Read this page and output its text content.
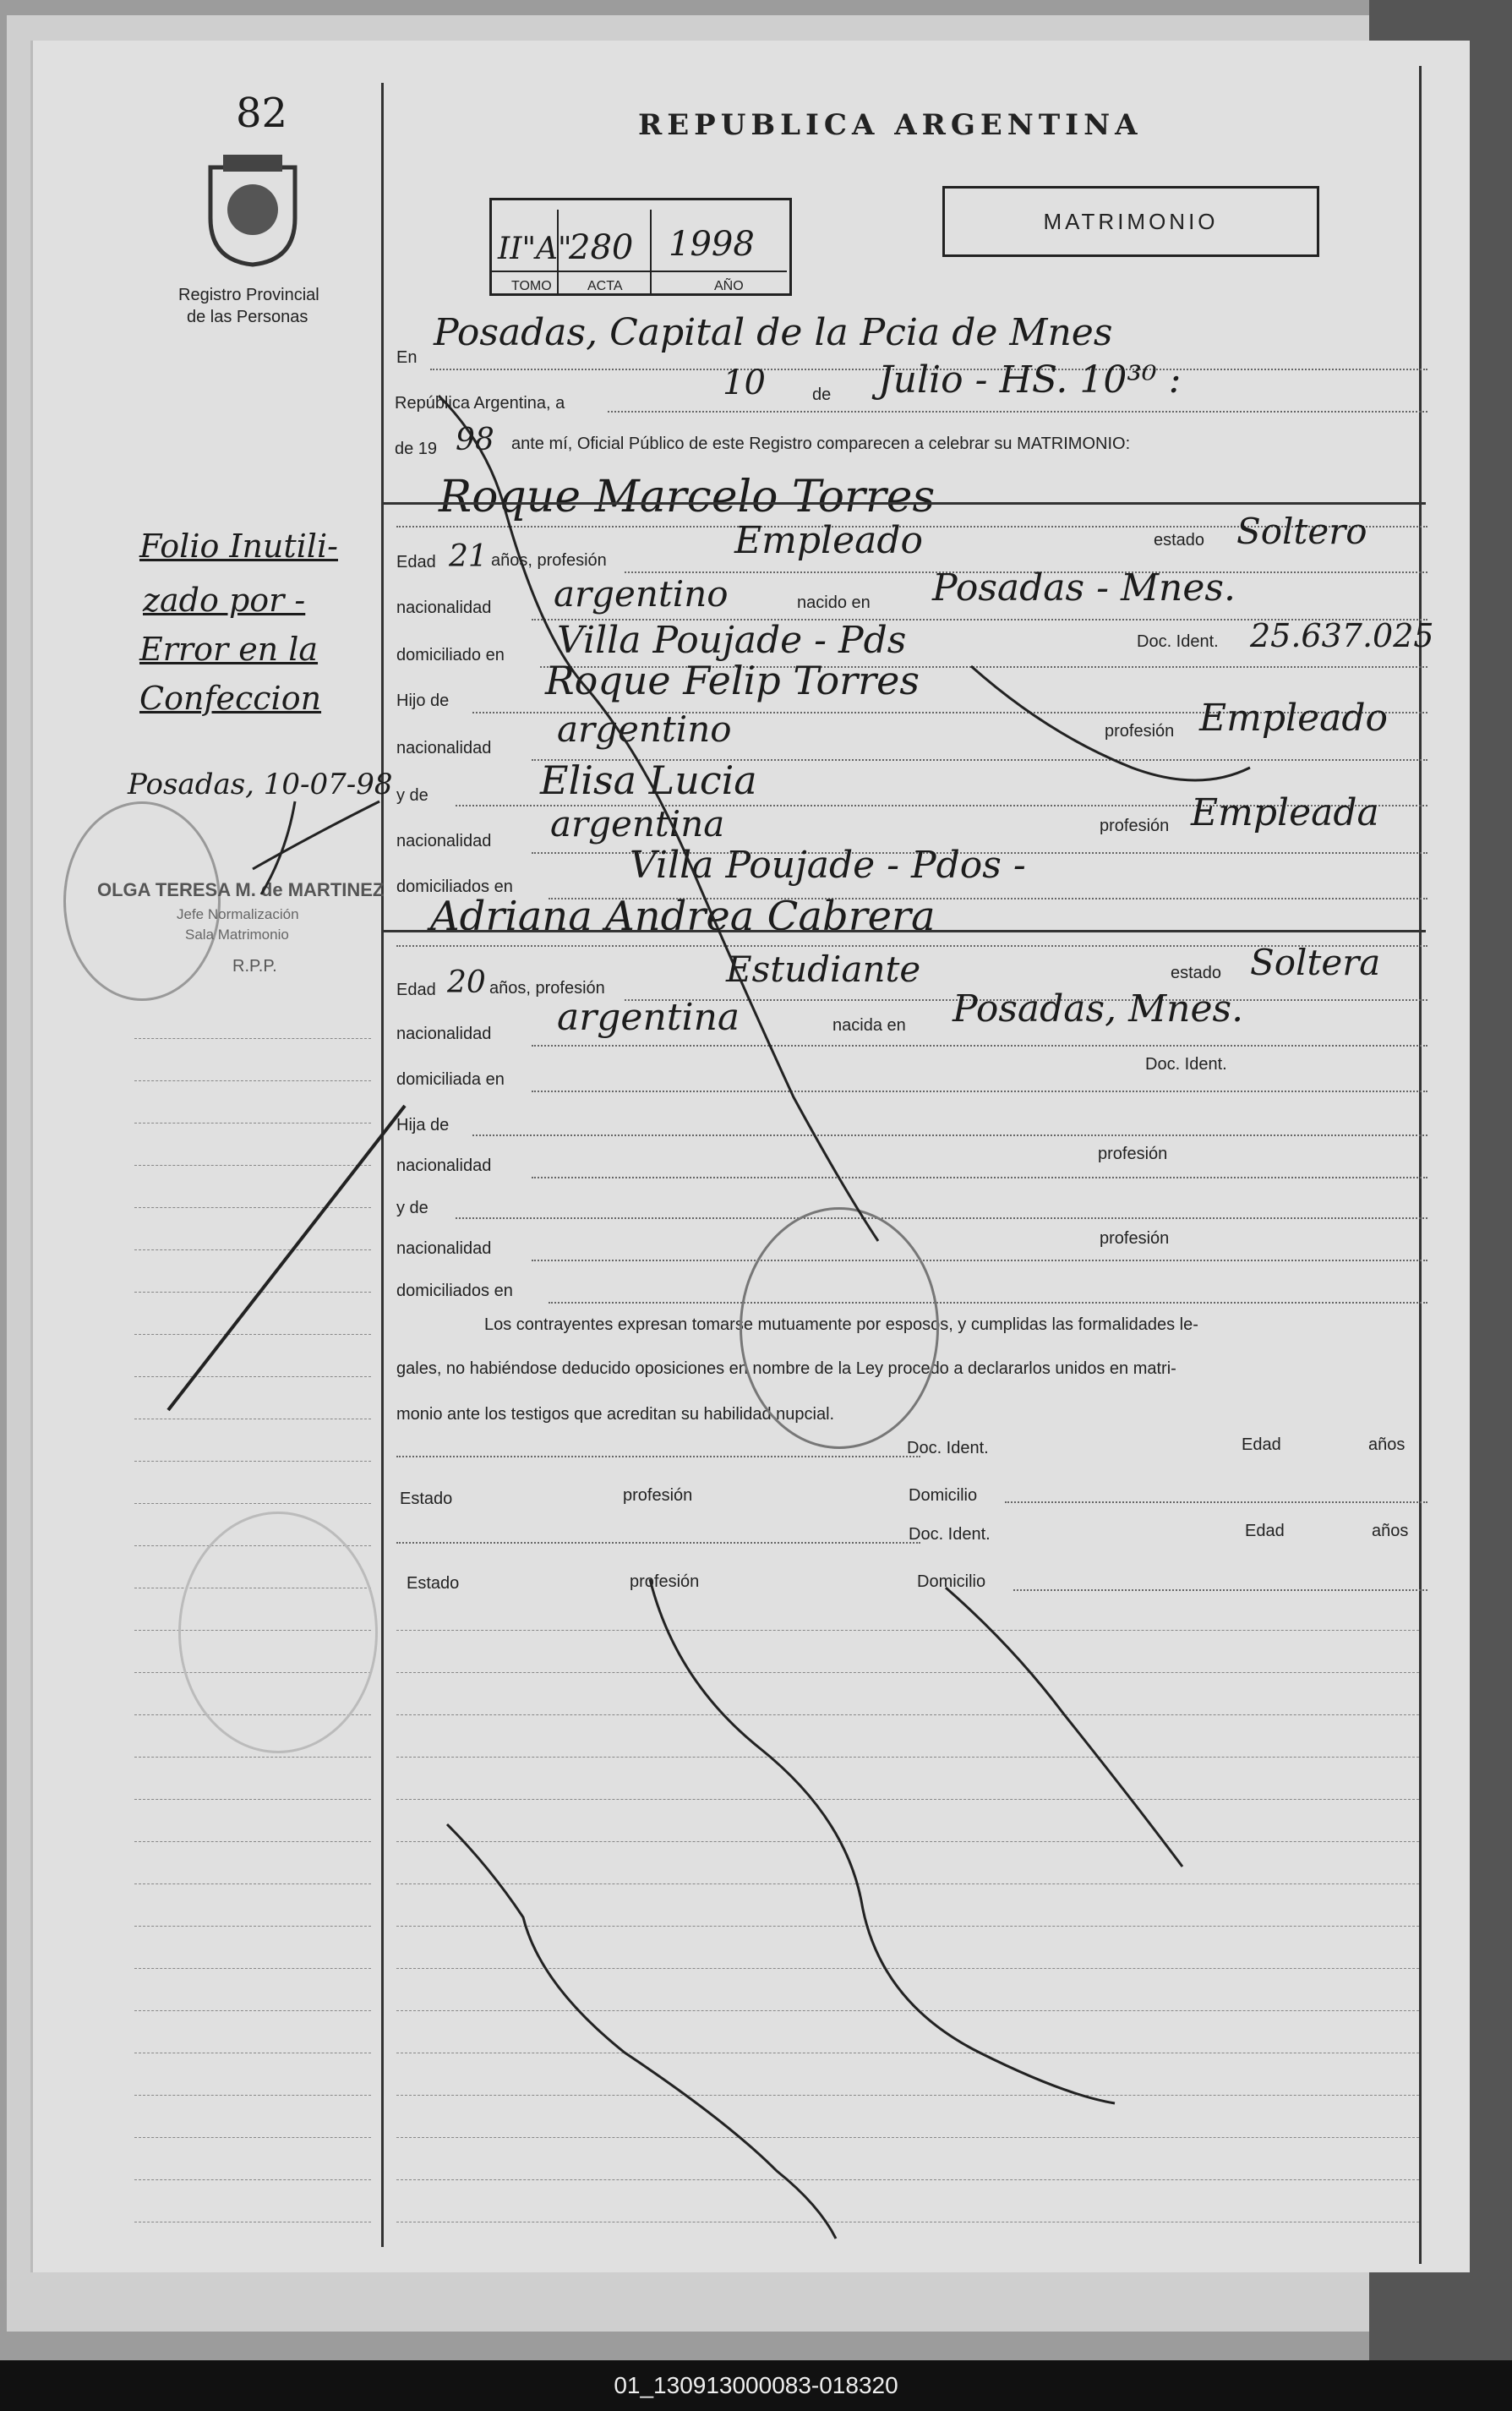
82
Registro Provincial
de las Personas
REPUBLICA ARGENTINA
II"A"
280 1998
TOMO	ACTA	AÑO
MATRIMONIO
En
Posadas, Capital de la Pcia de Mnes
República Argentina, a
10	de Julio - HS. 10³⁰ :
de 19 98 ante mí, Oficial Público de este Registro comparecen a celebrar su MATRIMONIO:
Roque Marcelo Torres
Edad 21 años, profesión	Empleado	estado Soltero
nacionalidad argentino	nacido en Posadas - Mnes.
domiciliado en Villa Poujade - Pds	Doc. Ident. 25.637.025
Hijo de Roque Felip Torres
nacionalidad argentino	profesión Empleado
y de	Elisa Lucia
nacionalidad argentina	profesión Empleada
domiciliados en	Villa Poujade - Pdos -
Adriana Andrea Cabrera
Edad 20 años, profesión	Estudiante	estado Soltera
nacionalidad argentina	nacida en Posadas, Mnes.
domiciliada en
Doc. Ident.
Hija de
nacionalidad
profesión
y de
nacionalidad
profesión
domiciliados en
Los contrayentes expresan tomarse mutuamente por esposos, y cumplidas las formalidades le-
gales, no habiéndose deducido oposiciones en nombre de la Ley procedo a declararlos unidos en matri-
monio ante los testigos que acreditan su habilidad nupcial.
Doc. Ident.	Edad	años
Estado	profesión	Domicilio
Doc. Ident.	Edad	años
Estado	profesión	Domicilio
Folio Inutili-
zado por -
Error en la
Confeccion
Posadas, 10-07-98
OLGA TERESA M. de MARTINEZ
Jefe Normalización
Sala Matrimonio
R.P.P.
01_130913000083-018320
